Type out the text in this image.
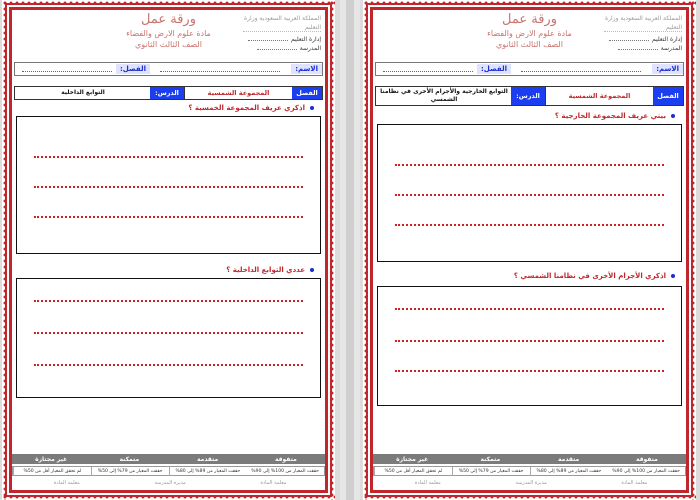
المملكة العربية السعودية وزارة التعليم
إدارة التعليم
المدرسة
ورقة عمل
مادة علوم الارض والفضاء
الصف الثالث الثانوي
الاسم:
الفصل:
الفصل
المجموعة الشمسية
الدرس:
التوابع الداخلية
اذكري عريف المجموعة الخمسية ؟
عددي التوابع الداخلية ؟
متفوقة
متقدمة
متمكنة
غير مجتازة
حققت المعيار من 100% إلى 90%
حققت المعيار من 89% إلى 80%
حققت المعيار من 79% إلى 50%
لم تحقق المعيار أقل من 50%
معلمة المادة
مديرة المدرسة
معلمة المادة
المملكة العربية السعودية وزارة التعليم
إدارة التعليم
المدرسة
ورقة عمل
مادة علوم الارض والفضاء
الصف الثالث الثانوي
الاسم:
الفصل:
الفصل
المجموعة الشمسية
الدرس:
التوابع الخارجية والأجرام الأخرى في نظامنا الشمسي
بيني عريف المجموعة الخارجية ؟
اذكري الأجرام الأخرى في نظامنا الشمسي ؟
متفوقة
متقدمة
متمكنة
غير مجتازة
حققت المعيار من 100% إلى 90%
حققت المعيار من 89% إلى 80%
حققت المعيار من 79% إلى 50%
لم تحقق المعيار أقل من 50%
معلمة المادة
مديرة المدرسة
معلمة المادة
